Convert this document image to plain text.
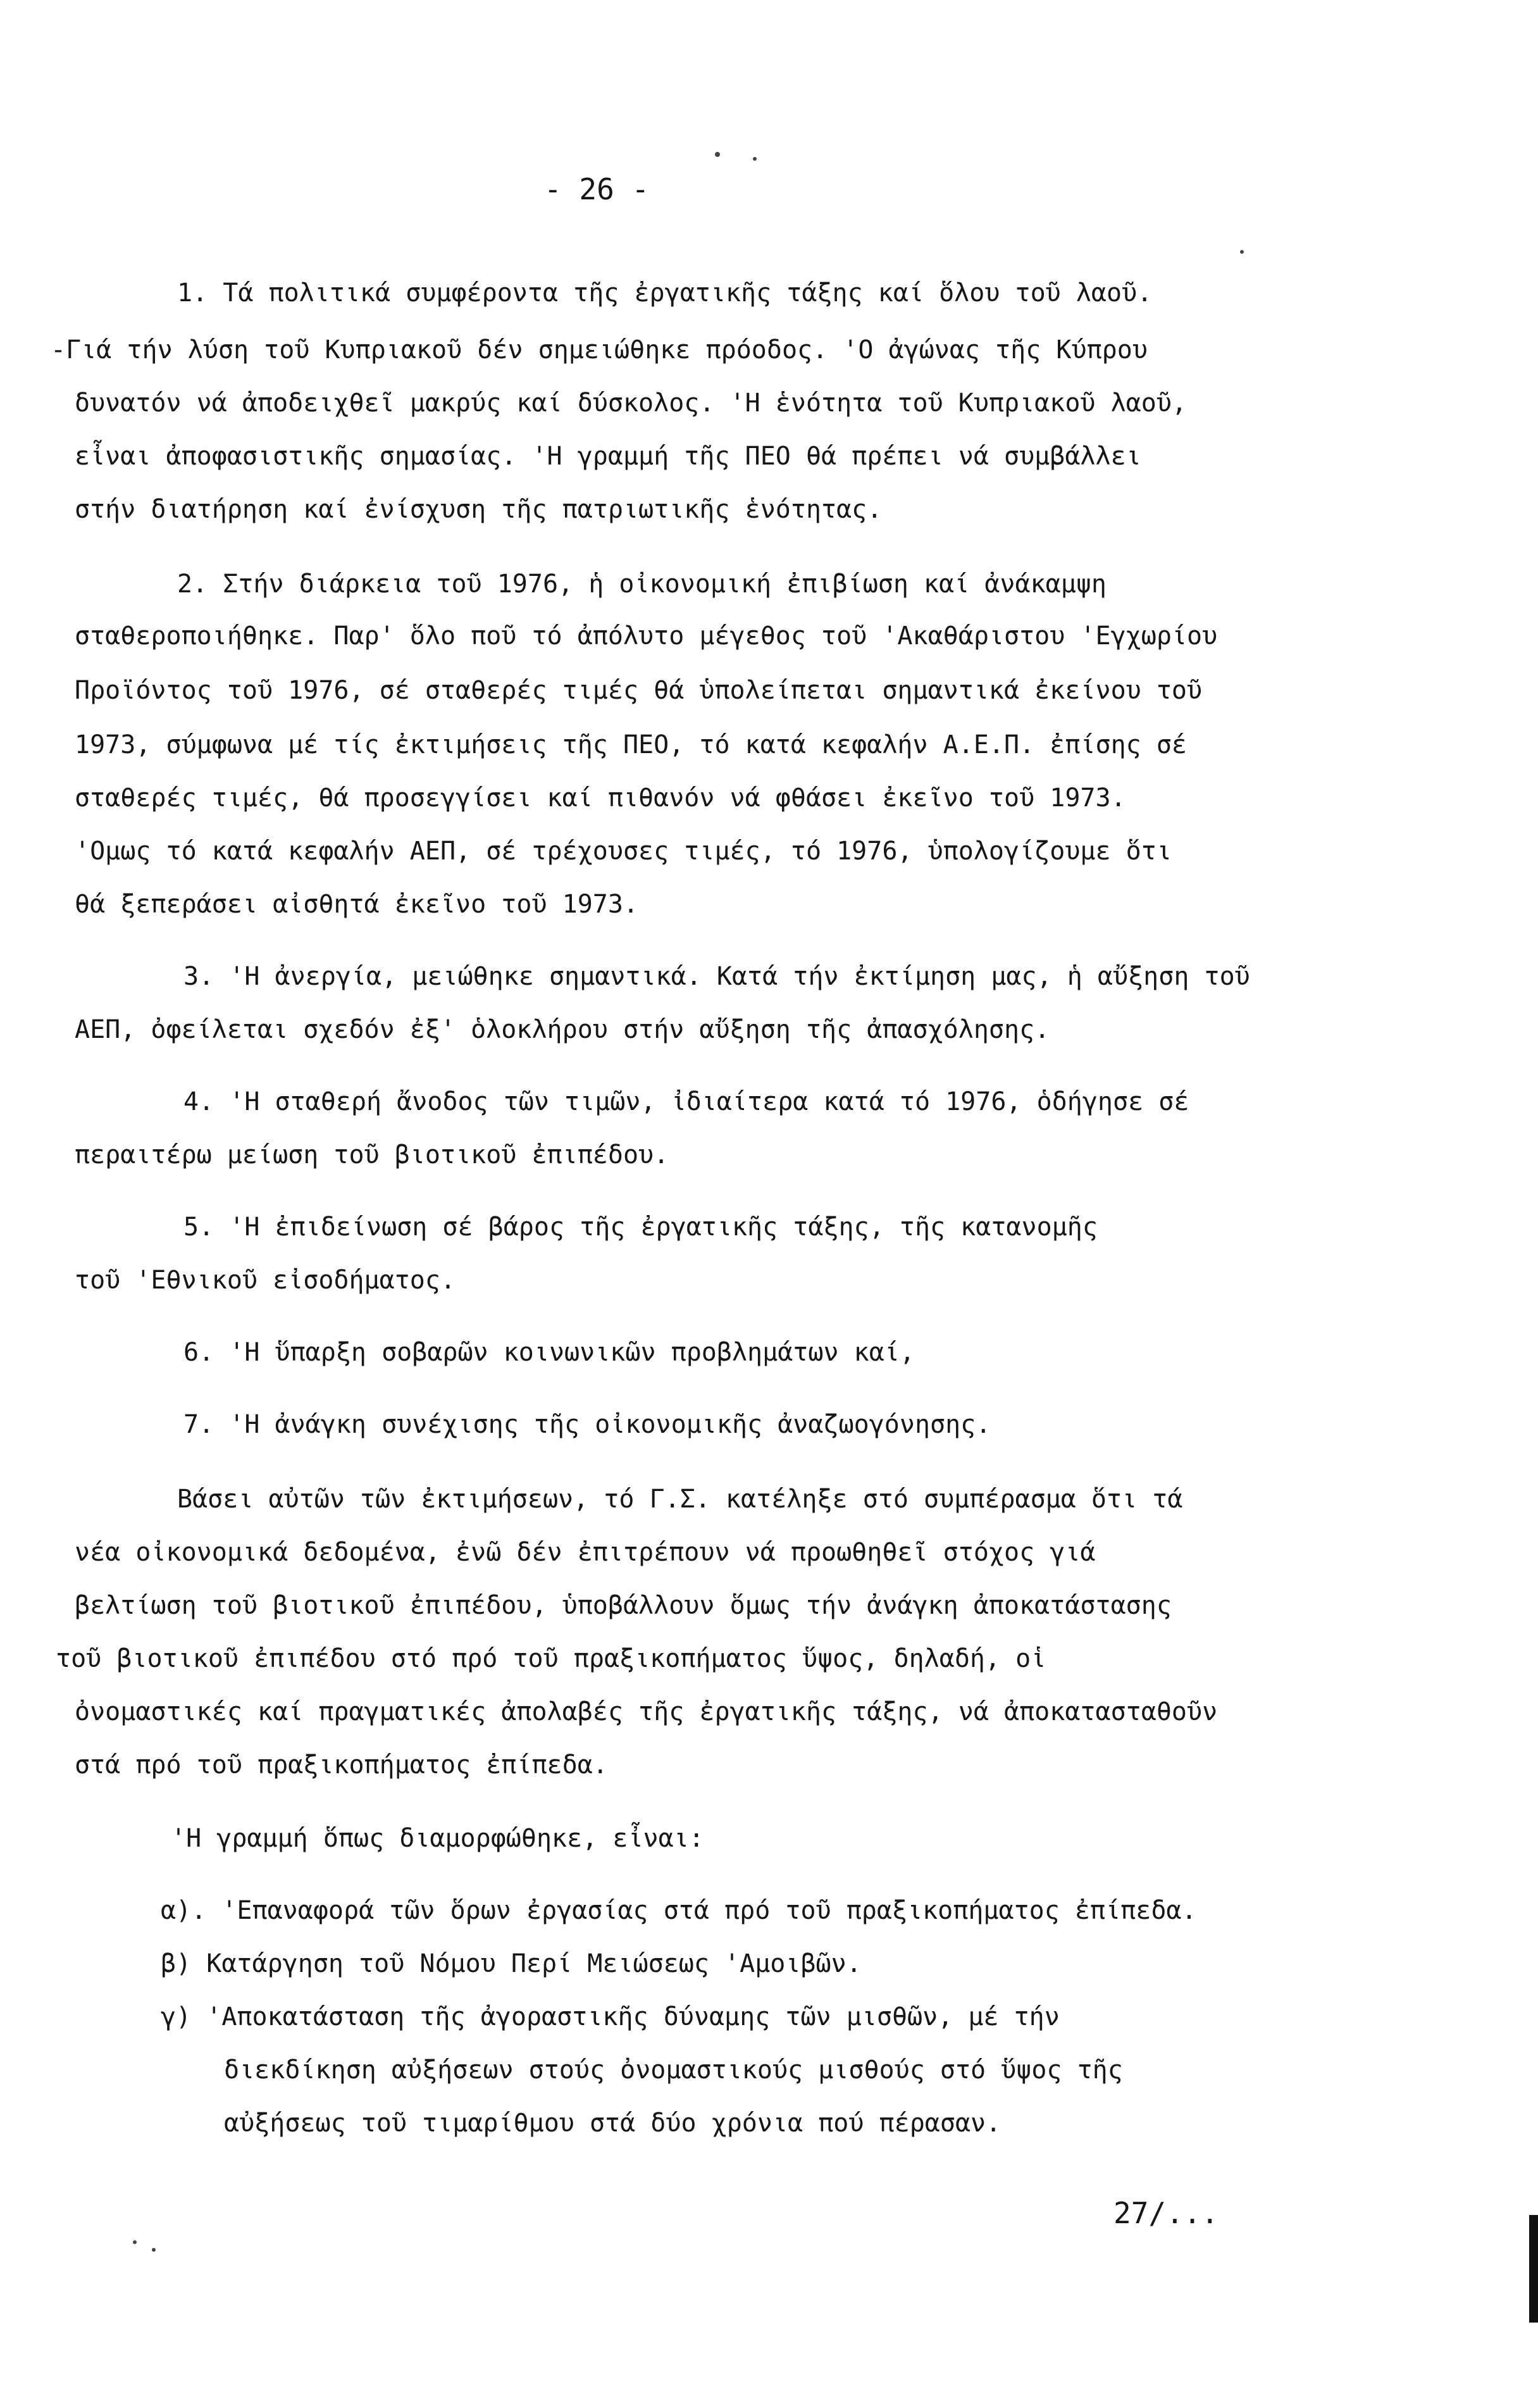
- 26 -
1. Τά πολιτικά συμφέροντα τῆς ἐργατικῆς τάξης καί ὅλου τοῦ λαοῦ.
-Γιά τήν λύση τοῦ Κυπριακοῦ δέν σημειώθηκε πρόοδος. 'Ο ἀγώνας τῆς Κύπρου
δυνατόν νά ἀποδειχθεῖ μακρύς καί δύσκολος. 'Η ἑνότητα τοῦ Κυπριακοῦ λαοῦ,
εἶναι ἀποφασιστικῆς σημασίας. 'Η γραμμή τῆς ΠΕΟ θά πρέπει νά συμβάλλει
στήν διατήρηση καί ἐνίσχυση τῆς πατριωτικῆς ἑνότητας.
2. Στήν διάρκεια τοῦ 1976, ἡ οἰκονομική ἐπιβίωση καί ἀνάκαμψη
σταθεροποιήθηκε. Παρ' ὅλο ποῦ τό ἀπόλυτο μέγεθος τοῦ 'Ακαθάριστου 'Εγχωρίου
Προϊόντος τοῦ 1976, σέ σταθερές τιμές θά ὑπολείπεται σημαντικά ἐκείνου τοῦ
1973, σύμφωνα μέ τίς ἐκτιμήσεις τῆς ΠΕΟ, τό κατά κεφαλήν Α.Ε.Π. ἐπίσης σέ
σταθερές τιμές, θά προσεγγίσει καί πιθανόν νά φθάσει ἐκεῖνο τοῦ 1973.
'Ομως τό κατά κεφαλήν ΑΕΠ, σέ τρέχουσες τιμές, τό 1976, ὑπολογίζουμε ὅτι
θά ξεπεράσει αἰσθητά ἐκεῖνο τοῦ 1973.
3. 'Η ἀνεργία, μειώθηκε σημαντικά. Κατά τήν ἐκτίμηση μας, ἡ αὔξηση τοῦ
ΑΕΠ, ὀφείλεται σχεδόν ἐξ' ὁλοκλήρου στήν αὔξηση τῆς ἀπασχόλησης.
4. 'Η σταθερή ἄνοδος τῶν τιμῶν, ἰδιαίτερα κατά τό 1976, ὁδήγησε σέ
περαιτέρω μείωση τοῦ βιοτικοῦ ἐπιπέδου.
5. 'Η ἐπιδείνωση σέ βάρος τῆς ἐργατικῆς τάξης, τῆς κατανομῆς
τοῦ 'Εθνικοῦ εἰσοδήματος.
6. 'Η ὕπαρξη σοβαρῶν κοινωνικῶν προβλημάτων καί,
7. 'Η ἀνάγκη συνέχισης τῆς οἰκονομικῆς ἀναζωογόνησης.
Βάσει αὐτῶν τῶν ἐκτιμήσεων, τό Γ.Σ. κατέληξε στό συμπέρασμα ὅτι τά
νέα οἰκονομικά δεδομένα, ἐνῶ δέν ἐπιτρέπουν νά προωθηθεῖ στόχος γιά
βελτίωση τοῦ βιοτικοῦ ἐπιπέδου, ὑποβάλλουν ὅμως τήν ἀνάγκη ἀποκατάστασης
τοῦ βιοτικοῦ ἐπιπέδου στό πρό τοῦ πραξικοπήματος ὕψος, δηλαδή, οἱ
ὀνομαστικές καί πραγματικές ἀπολαβές τῆς ἐργατικῆς τάξης, νά ἀποκατασταθοῦν
στά πρό τοῦ πραξικοπήματος ἐπίπεδα.
'Η γραμμή ὅπως διαμορφώθηκε, εἶναι:
α). 'Επαναφορά τῶν ὅρων ἐργασίας στά πρό τοῦ πραξικοπήματος ἐπίπεδα.
β) Κατάργηση τοῦ Νόμου Περί Μειώσεως 'Αμοιβῶν.
γ) 'Αποκατάσταση τῆς ἀγοραστικῆς δύναμης τῶν μισθῶν, μέ τήν
διεκδίκηση αὐξήσεων στούς ὀνομαστικούς μισθούς στό ὕψος τῆς
αὐξήσεως τοῦ τιμαρίθμου στά δύο χρόνια πού πέρασαν.
27/...
